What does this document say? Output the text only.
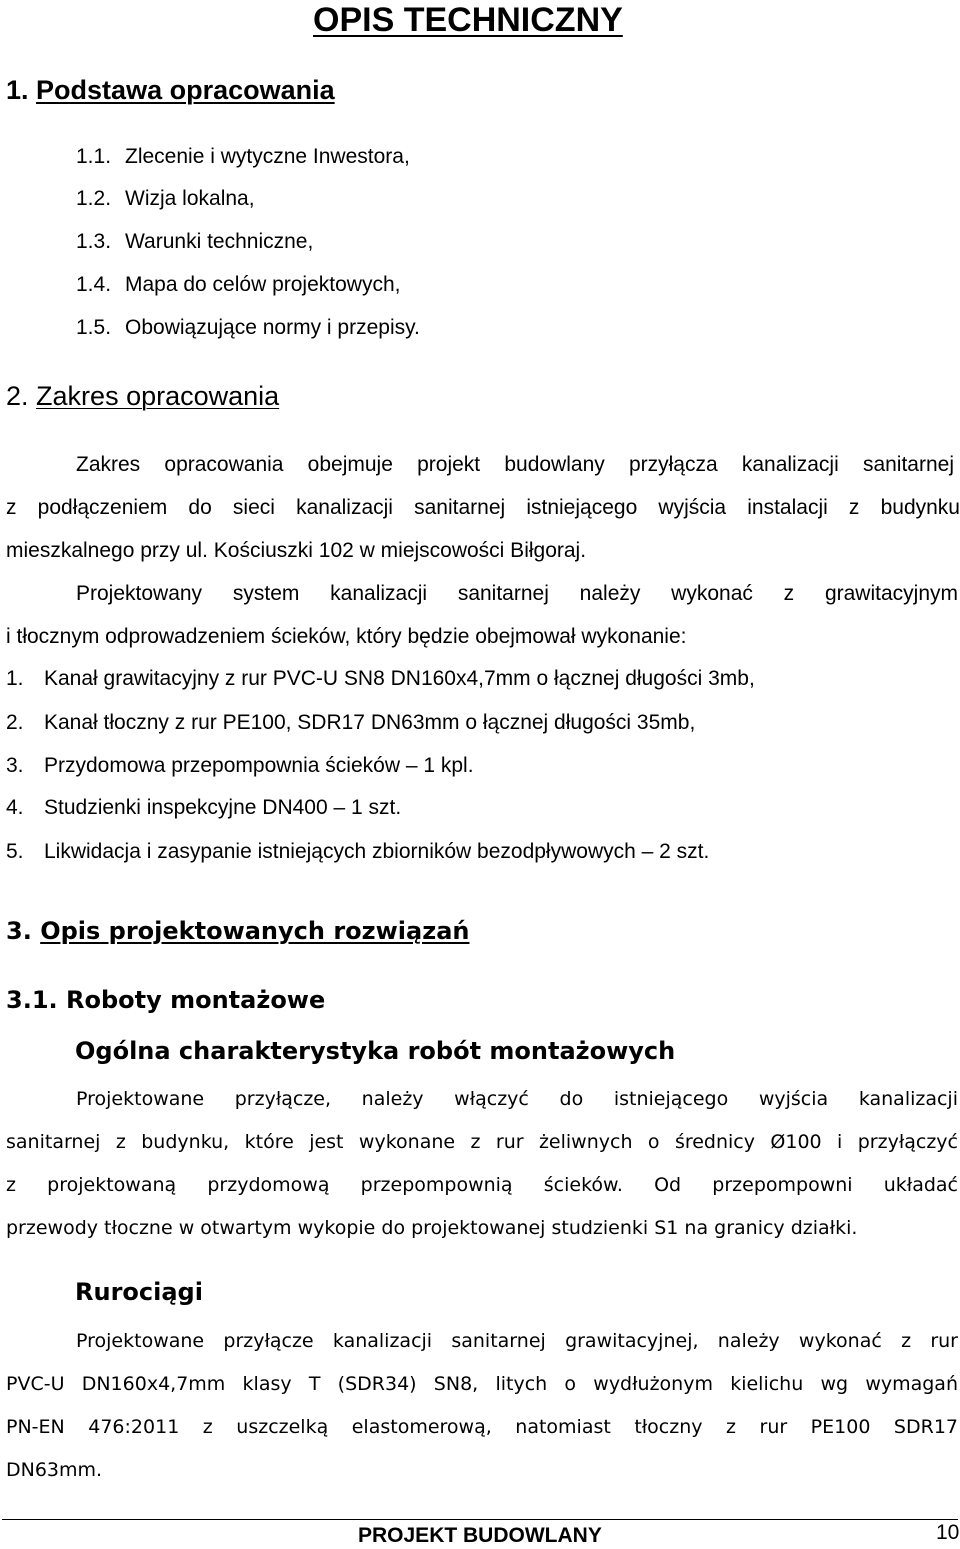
OPIS TECHNICZNY
1. Podstawa opracowania
1.1. Zlecenie i wytyczne Inwestora,
1.2. Wizja lokalna,
1.3. Warunki techniczne,
1.4. Mapa do celów projektowych,
1.5. Obowiązujące normy i przepisy.
2. Zakres opracowania
Zakres opracowania obejmuje projekt budowlany przyłącza kanalizacji sanitarnej
z podłączeniem do sieci kanalizacji sanitarnej istniejącego wyjścia instalacji z budynku
mieszkalnego przy ul. Kościuszki 102 w miejscowości Biłgoraj.
Projektowany system kanalizacji sanitarnej należy wykonać z grawitacyjnym
i tłocznym odprowadzeniem ścieków, który będzie obejmował wykonanie:
1. Kanał grawitacyjny z rur PVC-U SN8 DN160x4,7mm o łącznej długości 3mb,
2. Kanał tłoczny z rur PE100, SDR17 DN63mm o łącznej długości 35mb,
3. Przydomowa przepompownia ścieków – 1 kpl.
4. Studzienki inspekcyjne DN400 – 1 szt.
5. Likwidacja i zasypanie istniejących zbiorników bezodpływowych – 2 szt.
3. Opis projektowanych rozwiązań
3.1. Roboty montażowe
Ogólna charakterystyka robót montażowych
Projektowane przyłącze, należy włączyć do istniejącego wyjścia kanalizacji
sanitarnej z budynku, które jest wykonane z rur żeliwnych o średnicy Ø100 i przyłączyć
z projektowaną przydomową przepompownią ścieków. Od przepompowni układać
przewody tłoczne w otwartym wykopie do projektowanej studzienki S1 na granicy działki.
Rurociągi
Projektowane przyłącze kanalizacji sanitarnej grawitacyjnej, należy wykonać z rur
PVC-U DN160x4,7mm klasy T (SDR34) SN8, litych o wydłużonym kielichu wg wymagań
PN-EN 476:2011 z uszczelką elastomerową, natomiast tłoczny z rur PE100 SDR17
DN63mm.
PROJEKT BUDOWLANY	10
